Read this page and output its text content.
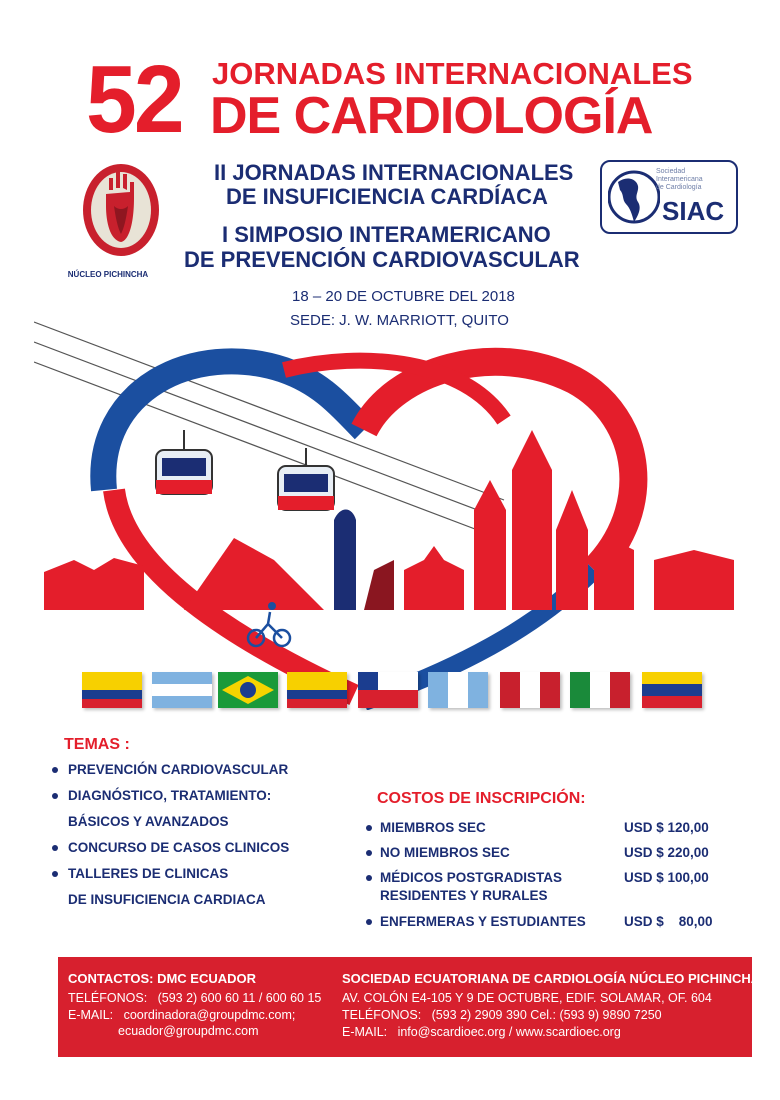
52 JORNADAS INTERNACIONALES
DE CARDIOLOGÍA
II JORNADAS INTERNACIONALES
DE INSUFICIENCIA CARDÍACA
I SIMPOSIO INTERAMERICANO
DE PREVENCIÓN CARDIOVASCULAR
18 – 20 DE OCTUBRE DEL 2018
SEDE: J. W. MARRIOTT, QUITO
NÚCLEO PICHINCHA
Sociedad
Interamericana
de Cardiología
SIAC
TEMAS :
PREVENCIÓN CARDIOVASCULAR
DIAGNÓSTICO, TRATAMIENTO:
BÁSICOS Y AVANZADOS
CONCURSO DE CASOS CLINICOS
TALLERES DE CLINICAS
DE INSUFICIENCIA CARDIACA
COSTOS DE INSCRIPCIÓN:
MIEMBROS SEC	USD $ 120,00
NO MIEMBROS SEC	USD $ 220,00
MÉDICOS POSTGRADISTAS
RESIDENTES Y RURALES
USD $ 100,00
ENFERMERAS Y ESTUDIANTES	USD $    80,00
CONTACTOS: DMC ECUADOR
TELÉFONOS:   (593 2) 600 60 11 / 600 60 15
E-MAIL:   coordinadora@groupdmc.com;
ecuador@groupdmc.com
SOCIEDAD ECUATORIANA DE CARDIOLOGÍA NÚCLEO PICHINCHA
AV. COLÓN E4-105 Y 9 DE OCTUBRE, EDIF. SOLAMAR, OF. 604
TELÉFONOS:   (593 2) 2909 390 Cel.: (593 9) 9890 7250
E-MAIL:   info@scardioec.org / www.scardioec.org
